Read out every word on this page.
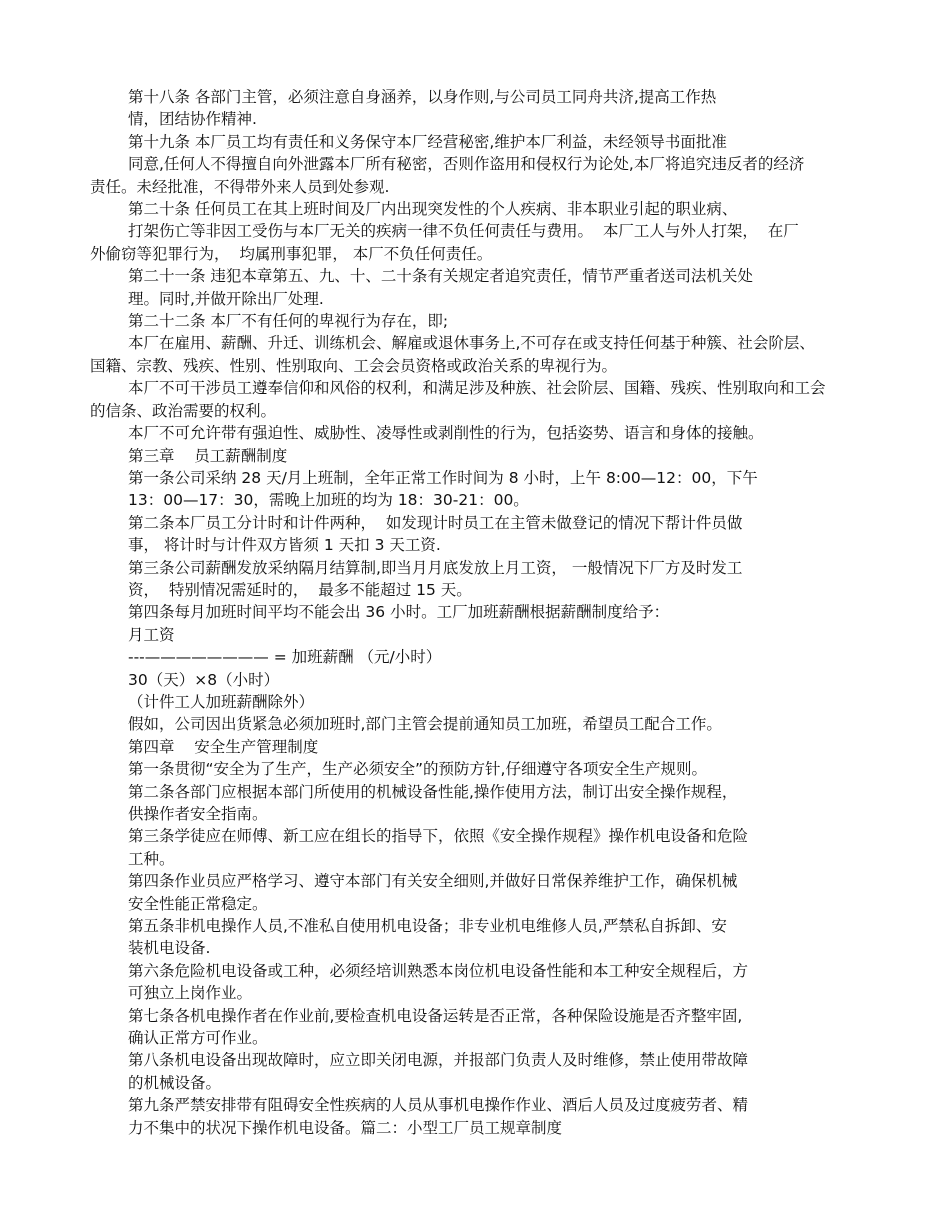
第十八条 各部门主管，必须注意自身涵养，以身作则,与公司员工同舟共济,提高工作热
情，团结协作精神.
第十九条 本厂员工均有责任和义务保守本厂经营秘密,维护本厂利益，未经领导书面批准
同意,任何人不得擅自向外泄露本厂所有秘密，否则作盗用和侵权行为论处,本厂将追究违反者的经济
责任。未经批准，不得带外来人员到处参观.
第二十条 任何员工在其上班时间及厂内出现突发性的个人疾病、非本职业引起的职业病、
打架伤亡等非因工受伤与本厂无关的疾病一律不负任何责任与费用。  本厂工人与外人打架，  在厂
外偷窃等犯罪行为，  均属刑事犯罪， 本厂不负任何责任。
第二十一条 违犯本章第五、九、十、二十条有关规定者追究责任，情节严重者送司法机关处
理。同时,并做开除出厂处理.
第二十二条 本厂不有任何的卑视行为存在，即;
本厂在雇用、薪酬、升迁、训练机会、解雇或退休事务上,不可存在或支持任何基于种簇、社会阶层、
国籍、宗教、残疾、性别、性别取向、工会会员资格或政治关系的卑视行为。
本厂不可干涉员工遵奉信仰和风俗的权利，和满足涉及种族、社会阶层、国籍、残疾、性别取向和工会
的信条、政治需要的权利。
本厂不可允许带有强迫性、威胁性、凌辱性或剥削性的行为，包括姿势、语言和身体的接触。
第三章    员工薪酬制度
第一条公司采纳 28 天/月上班制，全年正常工作时间为 8 小时，上午 8:00—12：00，下午
13：00—17：30，需晚上加班的均为 18：30-21：00。
第二条本厂员工分计时和计件两种，  如发现计时员工在主管未做登记的情况下帮计件员做
事， 将计时与计件双方皆须 1 天扣 3 天工资.
第三条公司薪酬发放采纳隔月结算制,即当月月底发放上月工资， 一般情况下厂方及时发工
资，  特别情况需延时的，  最多不能超过 15 天。
第四条每月加班时间平均不能会出 36 小时。工厂加班薪酬根据薪酬制度给予：
月工资
---———————— = 加班薪酬 （元/小时）
30（天）×8（小时）
（计件工人加班薪酬除外）
假如，公司因出货紧急必须加班时,部门主管会提前通知员工加班，希望员工配合工作。
第四章    安全生产管理制度
第一条贯彻“安全为了生产，生产必须安全”的预防方针,仔细遵守各项安全生产规则。
第二条各部门应根据本部门所使用的机械设备性能,操作使用方法，制订出安全操作规程，
供操作者安全指南。
第三条学徒应在师傅、新工应在组长的指导下，依照《安全操作规程》操作机电设备和危险
工种。
第四条作业员应严格学习、遵守本部门有关安全细则,并做好日常保养维护工作，确保机械
安全性能正常稳定。
第五条非机电操作人员,不准私自使用机电设备；非专业机电维修人员,严禁私自拆卸、安
装机电设备.
第六条危险机电设备或工种，必须经培训熟悉本岗位机电设备性能和本工种安全规程后，方
可独立上岗作业。
第七条各机电操作者在作业前,要检查机电设备运转是否正常，各种保险设施是否齐整牢固,
确认正常方可作业。
第八条机电设备出现故障时，应立即关闭电源，并报部门负责人及时维修，禁止使用带故障
的机械设备。
第九条严禁安排带有阻碍安全性疾病的人员从事机电操作作业、酒后人员及过度疲劳者、精
力不集中的状况下操作机电设备。篇二：小型工厂员工规章制度
